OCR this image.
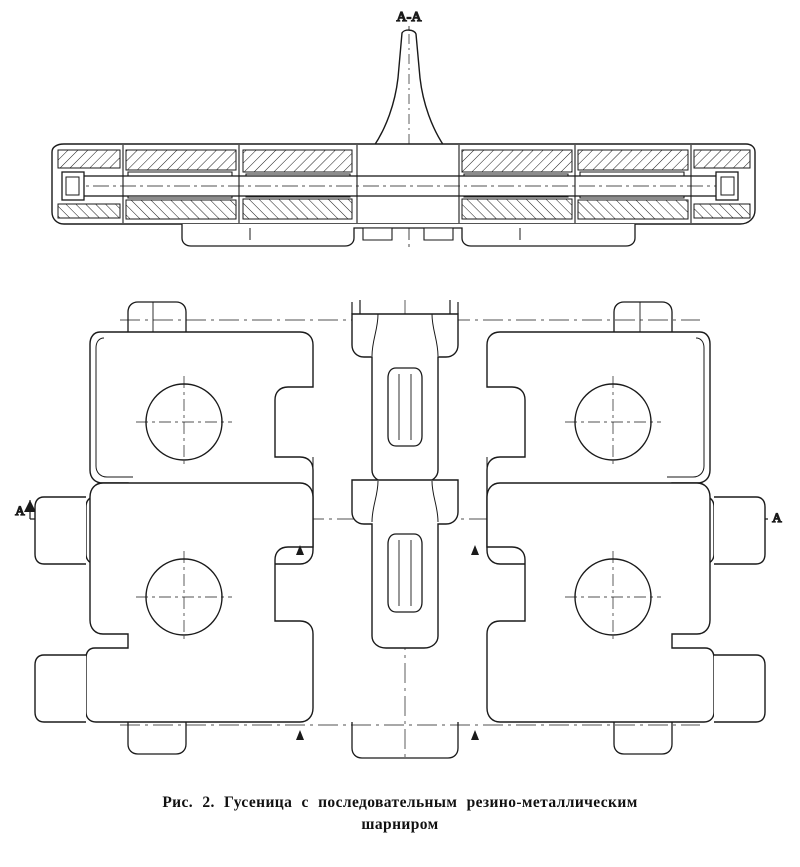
А-А
А	А
Рис. 2. Гусеница с последовательным резино-металлическим
шарниром
